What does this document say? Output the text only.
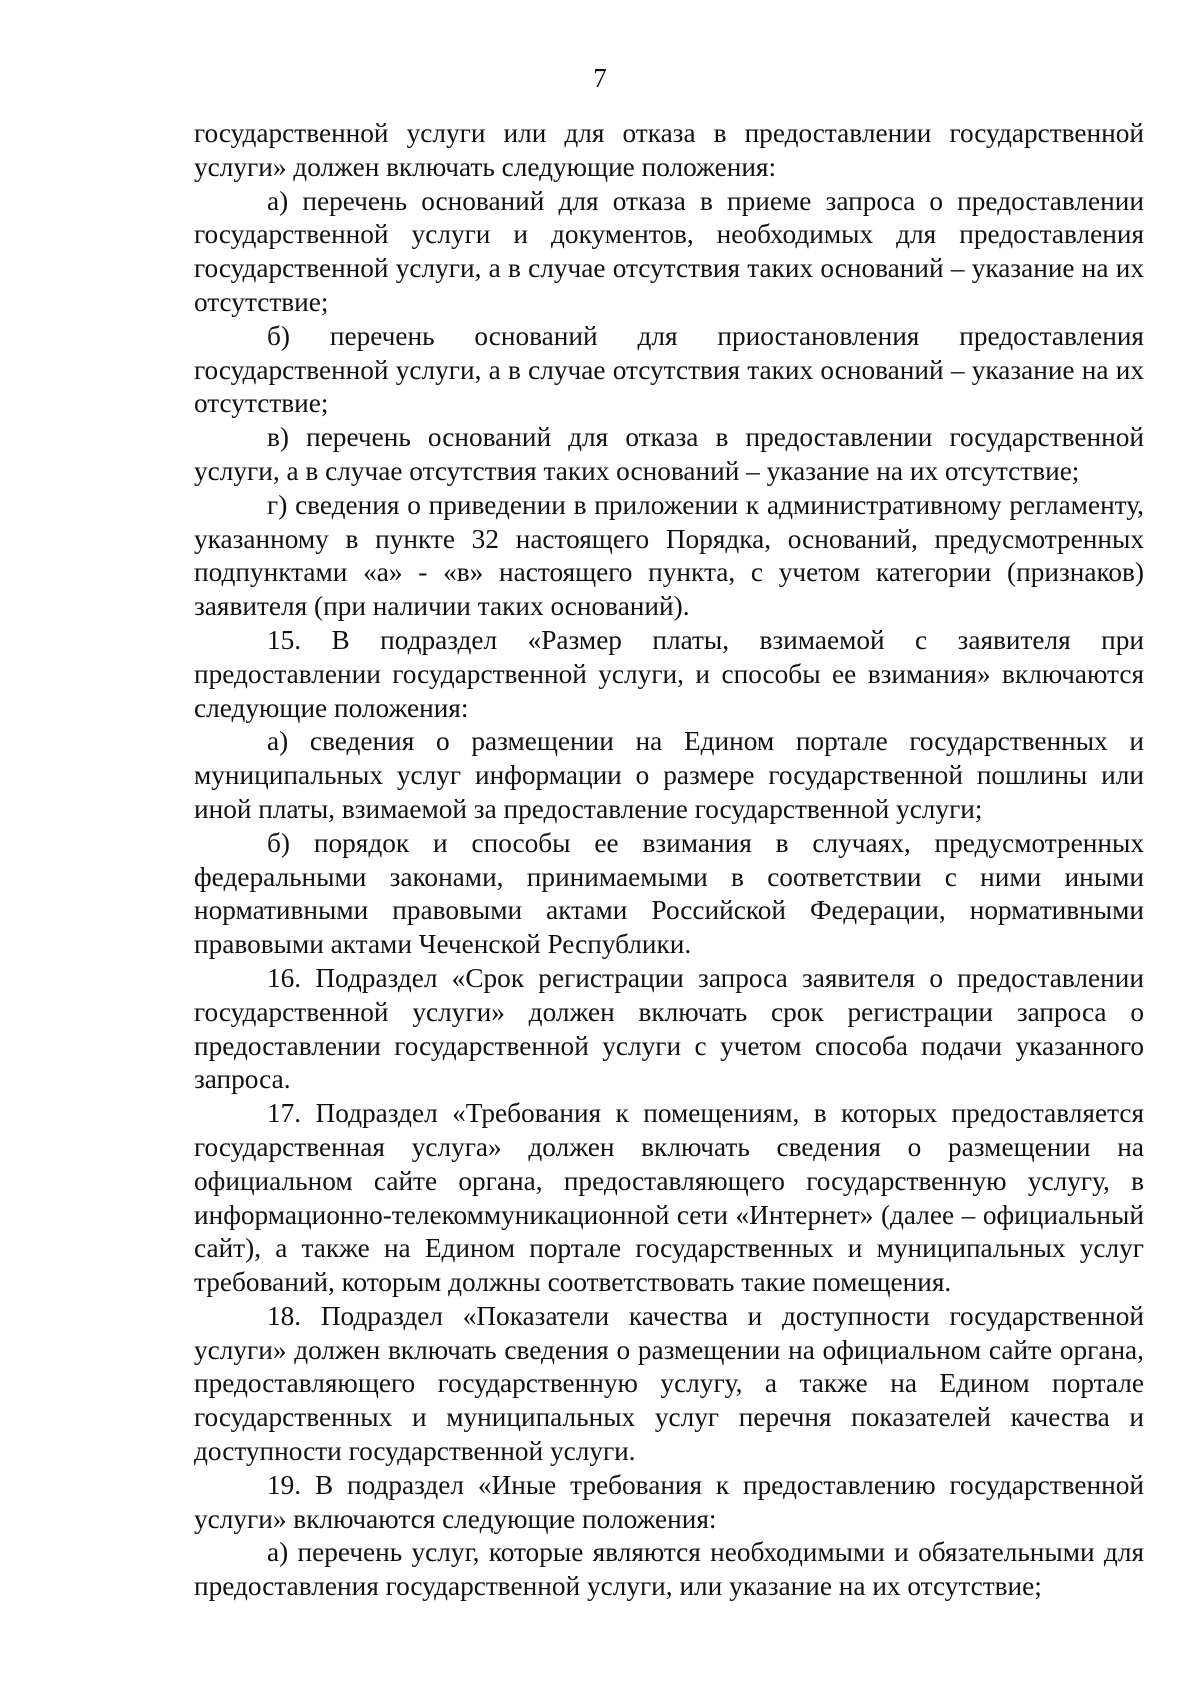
7

государственной услуги или для отказа в предоставлении государственной услуги» должен включать следующие положения:

а) перечень оснований для отказа в приеме запроса о предоставлении государственной услуги и документов, необходимых для предоставления государственной услуги, а в случае отсутствия таких оснований – указание на их отсутствие;

б) перечень оснований для приостановления предоставления государственной услуги, а в случае отсутствия таких оснований – указание на их отсутствие;

в) перечень оснований для отказа в предоставлении государственной услуги, а в случае отсутствия таких оснований – указание на их отсутствие;

г) сведения о приведении в приложении к административному регламенту, указанному в пункте 32 настоящего Порядка, оснований, предусмотренных подпунктами «а» - «в» настоящего пункта, с учетом категории (признаков) заявителя (при наличии таких оснований).

15. В подраздел «Размер платы, взимаемой с заявителя при предоставлении государственной услуги, и способы ее взимания» включаются следующие положения:

а) сведения о размещении на Едином портале государственных и муниципальных услуг информации о размере государственной пошлины или иной платы, взимаемой за предоставление государственной услуги;

б) порядок и способы ее взимания в случаях, предусмотренных федеральными законами, принимаемыми в соответствии с ними иными нормативными правовыми актами Российской Федерации, нормативными правовыми актами Чеченской Республики.

16. Подраздел «Срок регистрации запроса заявителя о предоставлении государственной услуги» должен включать срок регистрации запроса о предоставлении государственной услуги с учетом способа подачи указанного запроса.

17. Подраздел «Требования к помещениям, в которых предоставляется государственная услуга» должен включать сведения о размещении на официальном сайте органа, предоставляющего государственную услугу, в информационно-телекоммуникационной сети «Интернет» (далее – официальный сайт), а также на Едином портале государственных и муниципальных услуг требований, которым должны соответствовать такие помещения.

18. Подраздел «Показатели качества и доступности государственной услуги» должен включать сведения о размещении на официальном сайте органа, предоставляющего государственную услугу, а также на Едином портале государственных и муниципальных услуг перечня показателей качества и доступности государственной услуги.

19. В подраздел «Иные требования к предоставлению государственной услуги» включаются следующие положения:

а) перечень услуг, которые являются необходимыми и обязательными для предоставления государственной услуги, или указание на их отсутствие;
